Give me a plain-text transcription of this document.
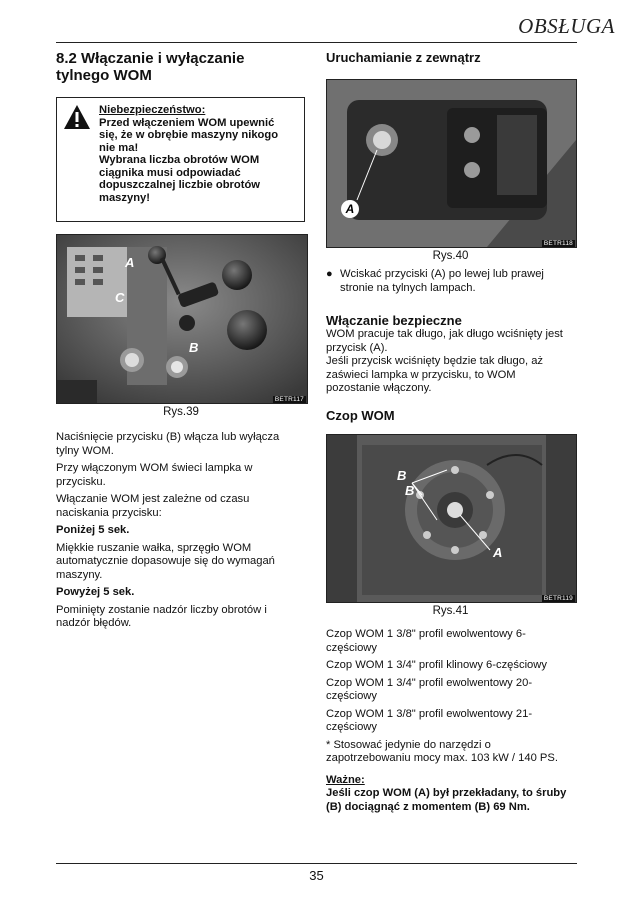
OBSŁUGA
8.2 Włączanie i wyłączanie
tylnego WOM

Niebezpieczeństwo:

Przed włączeniem WOM upewnić się, że w obrębie maszyny nikogo nie ma!

Wybrana liczba obrotów WOM ciągnika musi odpowiadać dopuszczalnej liczbie obrotów maszyny!

A
C
B
BETR117
Rys.39

Naciśnięcie przycisku (B) włącza lub wyłącza tylny WOM.

Przy włączonym WOM świeci lampka w przycisku.

Włączanie WOM jest zależne od czasu naciskania przycisku:

Poniżej 5 sek.

Miękkie ruszanie wałka, sprzęgło WOM automatycznie dopasowuje się do wymagań maszyny.

Powyżej 5 sek.

Pominięty zostanie nadzór liczby obrotów i nadzór błędów.

Uruchamianie z zewnątrz
A
BETR118
Rys.40
● Wciskać przyciski (A) po lewej lub prawej stronie na tylnych lampach.

Włączanie bezpieczne

WOM pracuje tak długo, jak długo wciśnięty jest przycisk (A).

Jeśli przycisk wciśnięty będzie tak długo, aż zaświeci lampka w przycisku, to WOM pozostanie włączony.

Czop WOM
B
B
A
BETR119
Rys.41

Czop WOM 1 3/8" profil ewolwentowy 6-częściowy

Czop WOM 1 3/4" profil klinowy 6-częściowy

Czop WOM 1 3/4" profil ewolwentowy 20-częściowy

Czop WOM 1 3/8" profil ewolwentowy 21-częściowy

* Stosować jedynie do narzędzi o zapotrzebowaniu mocy max. 103 kW / 140 PS.

Ważne:

Jeśli czop WOM (A) był przekładany, to śruby (B) dociągnąć z momentem (B) 69 Nm.

35
